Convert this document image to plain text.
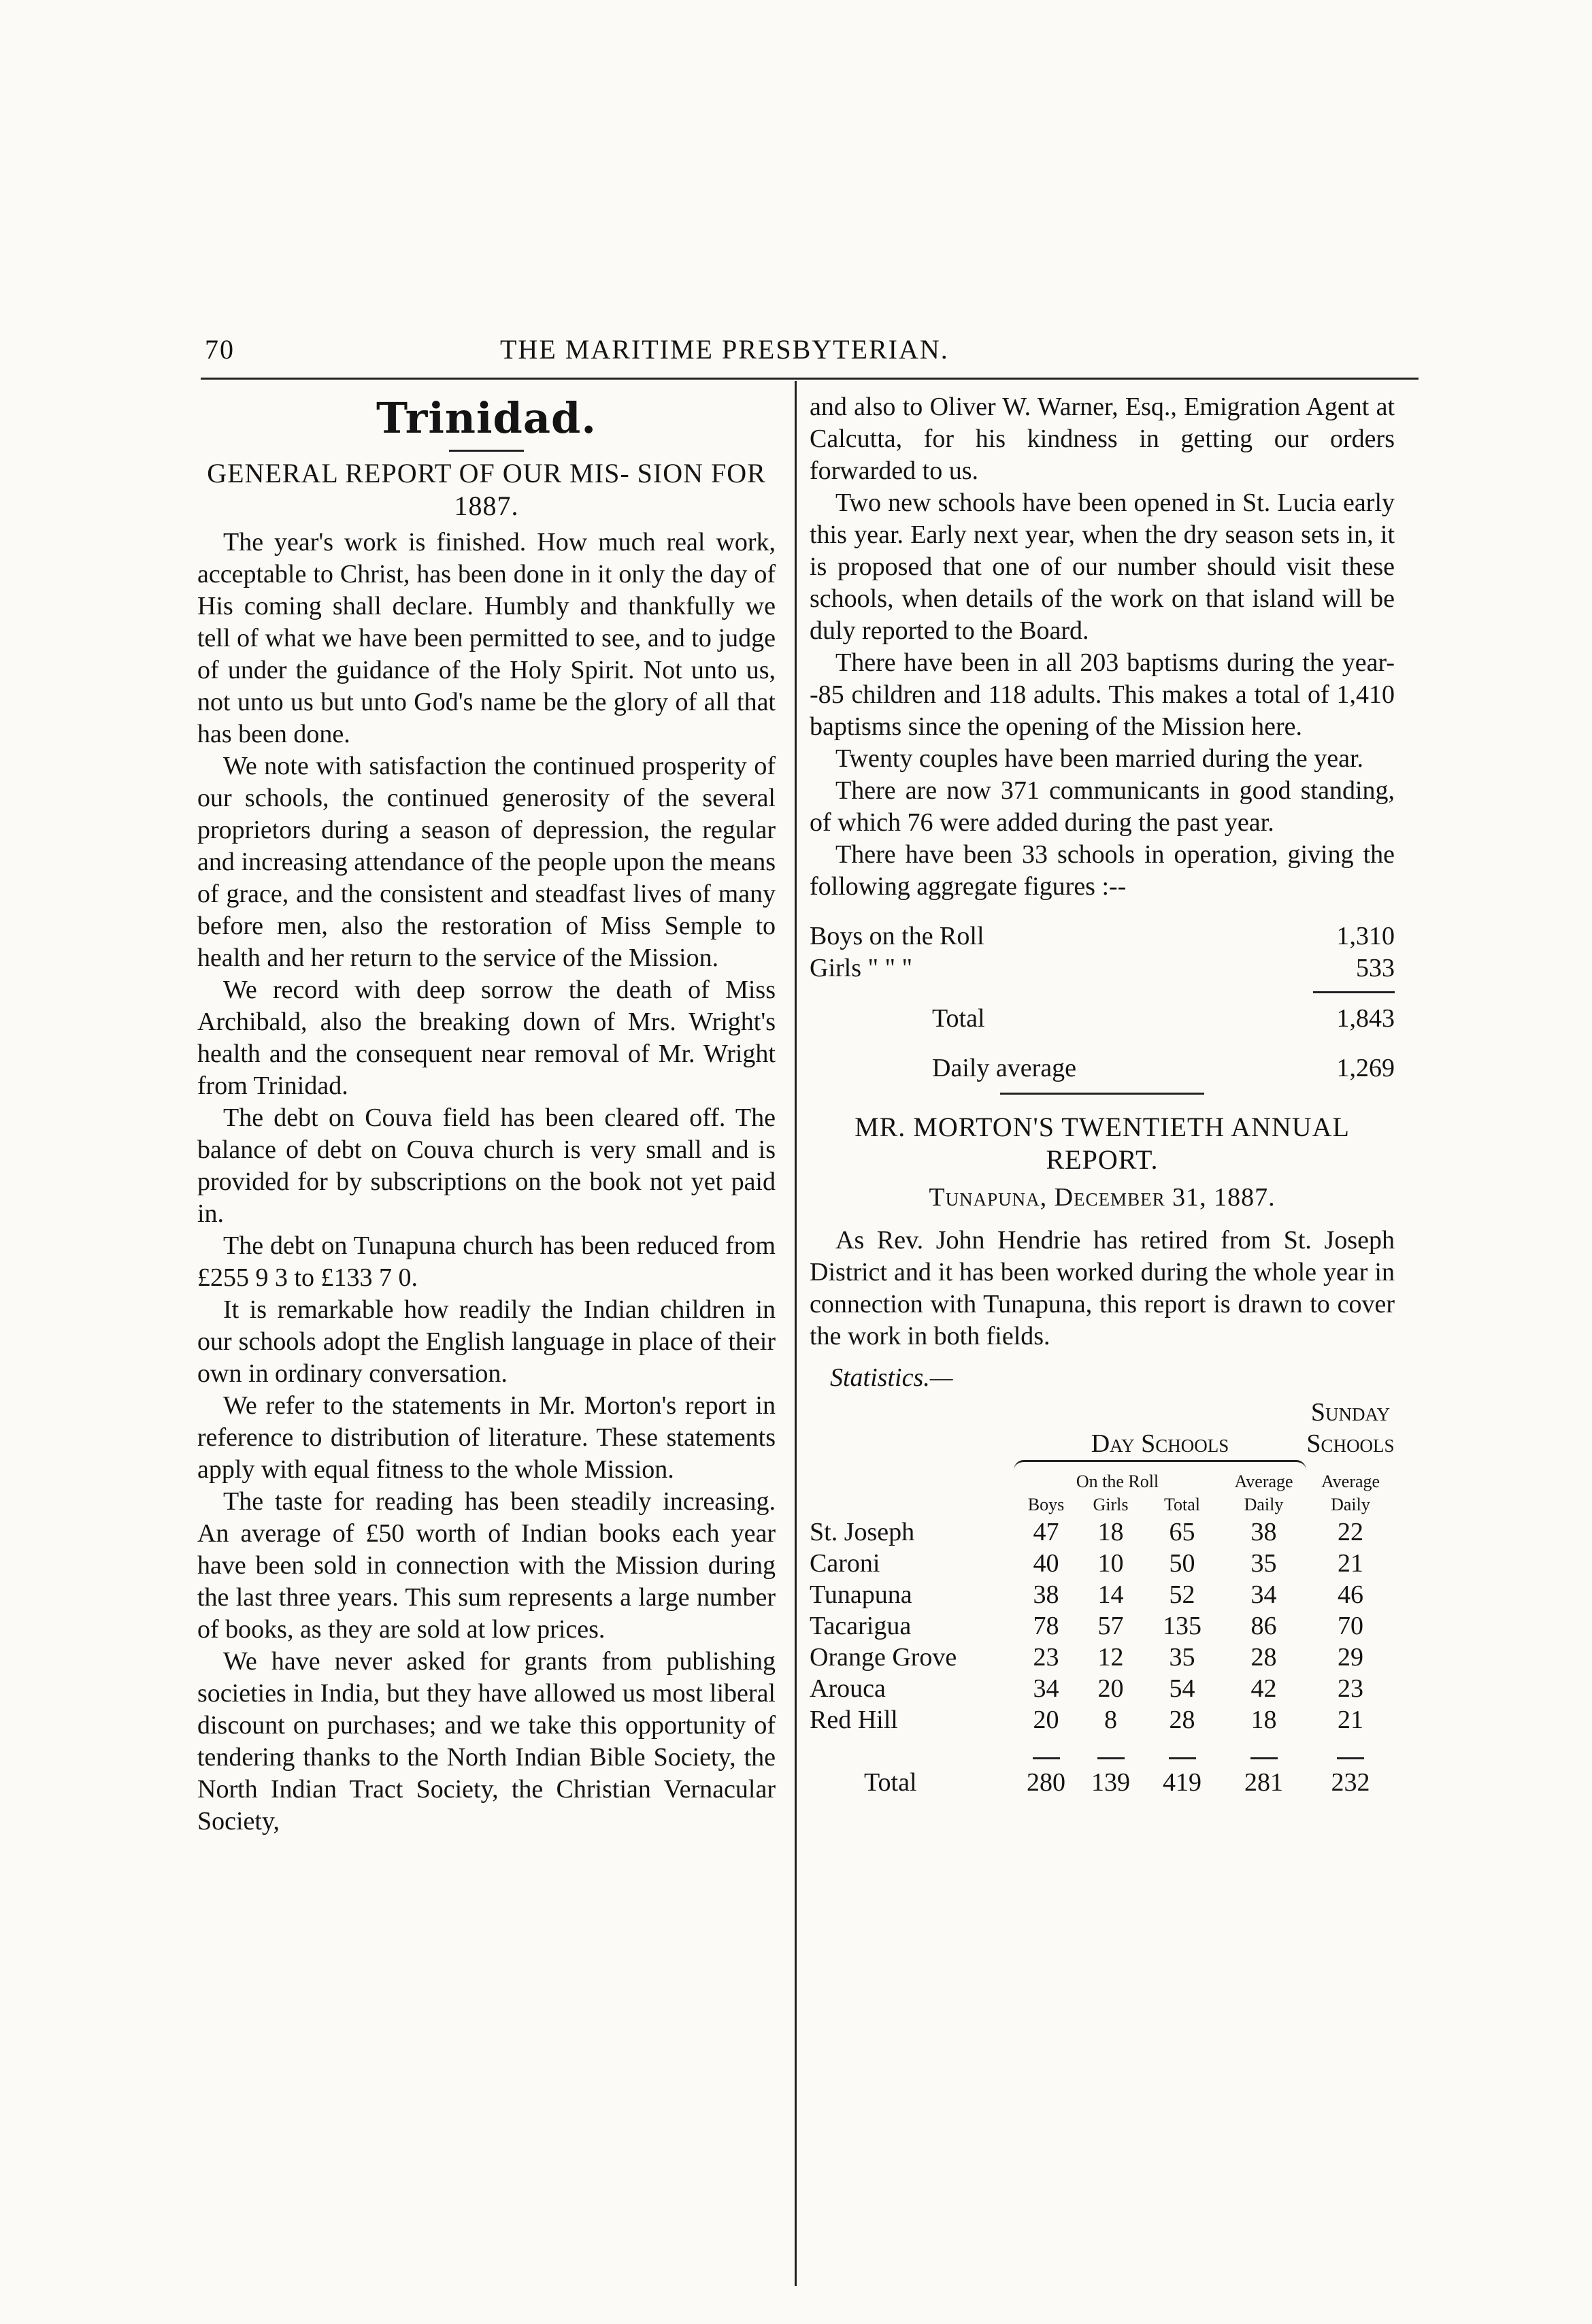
70	THE MARITIME PRESBYTERIAN.
Trinidad.
GENERAL REPORT OF OUR MIS- SION FOR 1887.

The year's work is finished. How much real work, acceptable to Christ, has been done in it only the day of His coming shall declare. Humbly and thankfully we tell of what we have been permitted to see, and to judge of under the guidance of the Holy Spirit. Not unto us, not unto us but unto God's name be the glory of all that has been done.

We note with satisfaction the continued prosperity of our schools, the continued generosity of the several proprietors during a season of depression, the regular and increasing attendance of the people upon the means of grace, and the consistent and steadfast lives of many before men, also the restoration of Miss Semple to health and her return to the service of the Mission.

We record with deep sorrow the death of Miss Archibald, also the breaking down of Mrs. Wright's health and the consequent near removal of Mr. Wright from Trinidad.

The debt on Couva field has been cleared off. The balance of debt on Couva church is very small and is provided for by subscriptions on the book not yet paid in.

The debt on Tunapuna church has been reduced from £255 9 3 to £133 7 0.

It is remarkable how readily the Indian children in our schools adopt the English language in place of their own in ordinary conversation.

We refer to the statements in Mr. Morton's report in reference to distribution of literature. These statements apply with equal fitness to the whole Mission.

The taste for reading has been steadily increasing. An average of £50 worth of Indian books each year have been sold in connection with the Mission during the last three years. This sum represents a large number of books, as they are sold at low prices.

We have never asked for grants from publishing societies in India, but they have allowed us most liberal discount on purchases; and we take this opportunity of tendering thanks to the North Indian Bible Society, the North Indian Tract Society, the Christian Vernacular Society,

and also to Oliver W. Warner, Esq., Emigration Agent at Calcutta, for his kindness in getting our orders forwarded to us.

Two new schools have been opened in St. Lucia early this year. Early next year, when the dry season sets in, it is proposed that one of our number should visit these schools, when details of the work on that island will be duly reported to the Board.

There have been in all 203 baptisms during the year--85 children and 118 adults. This makes a total of 1,410 baptisms since the opening of the Mission here.

Twenty couples have been married during the year.

There are now 371 communicants in good standing, of which 76 were added during the past year.

There have been 33 schools in operation, giving the following aggregate figures :--

Boys on the Roll	1,310
Girls " " "	533
Total	1,843
Daily average	1,269
MR. MORTON'S TWENTIETH ANNUAL REPORT.
Tunapuna, December 31, 1887.

As Rev. John Hendrie has retired from St. Joseph District and it has been worked during the whole year in connection with Tunapuna, this report is drawn to cover the work in both fields.

Statistics.—
					Sunday
	Day Schools				Schools

	On the Roll			Average	Average
	Boys	Girls	Total	Daily	Daily
St. Joseph	47	18	65	38	22
Caroni	40	10	50	35	21
Tunapuna	38	14	52	34	46
Tacarigua	78	57	135	86	70
Orange Grove	23	12	35	28	29
Arouca	34	20	54	42	23
Red Hill	20	8	28	18	21

Total	280	139	419	281	232
